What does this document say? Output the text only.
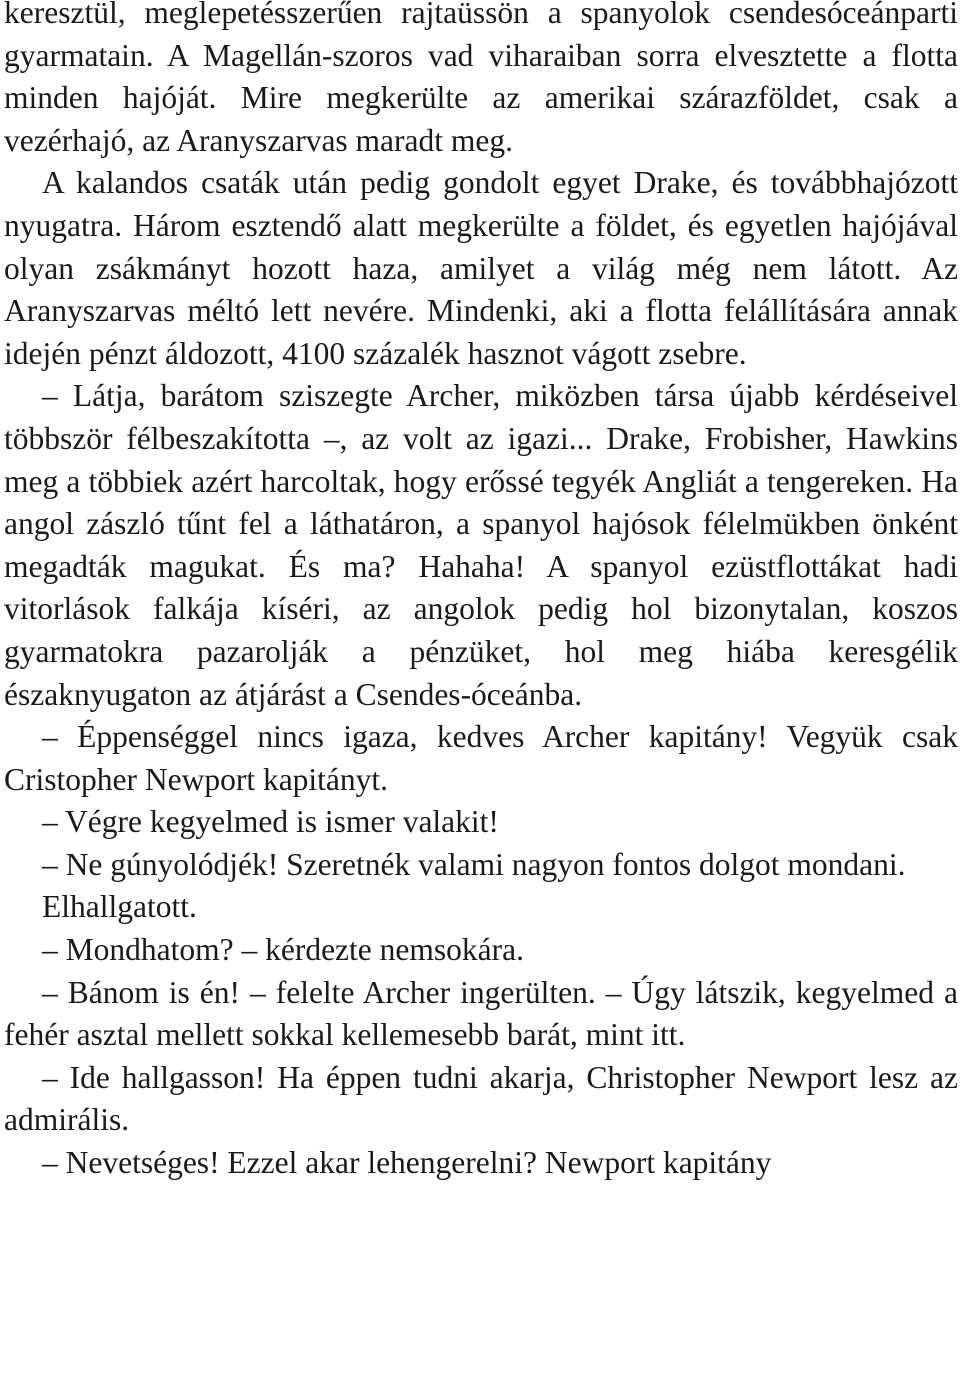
keresztül, meglepetésszerűen rajtaüssön a spanyolok csendesóceánparti gyarmatain. A Magellán-szoros vad viharaiban sorra elvesztette a flotta minden hajóját. Mire megkerülte az amerikai szárazföldet, csak a vezérhajó, az Aranyszarvas maradt meg.

A kalandos csaták után pedig gondolt egyet Drake, és továbbhajózott nyugatra. Három esztendő alatt megkerülte a földet, és egyetlen hajójával olyan zsákmányt hozott haza, amilyet a világ még nem látott. Az Aranyszarvas méltó lett nevére. Mindenki, aki a flotta felállítására annak idején pénzt áldozott, 4100 százalék hasznot vágott zsebre.

– Látja, barátom sziszegte Archer, miközben társa újabb kérdéseivel többször félbeszakította –, az volt az igazi... Drake, Frobisher, Hawkins meg a többiek azért harcoltak, hogy erőssé tegyék Angliát a tengereken. Ha angol zászló tűnt fel a láthatáron, a spanyol hajósok félelmükben önként megadták magukat. És ma? Hahaha! A spanyol ezüstflottákat hadi vitorlások falkája kíséri, az angolok pedig hol bizonytalan, koszos gyarmatokra pazarolják a pénzüket, hol meg hiába keresgélik északnyugaton az átjárást a Csendes-óceánba.

– Éppenséggel nincs igaza, kedves Archer kapitány! Vegyük csak Cristopher Newport kapitányt.

– Végre kegyelmed is ismer valakit!

– Ne gúnyolódjék! Szeretnék valami nagyon fontos dolgot mondani.

Elhallgatott.

– Mondhatom? – kérdezte nemsokára.

– Bánom is én! – felelte Archer ingerülten. – Úgy látszik, kegyelmed a fehér asztal mellett sokkal kellemesebb barát, mint itt.

– Ide hallgasson! Ha éppen tudni akarja, Christopher Newport lesz az admirális.

– Nevetséges! Ezzel akar lehengerelni? Newport kapitány
